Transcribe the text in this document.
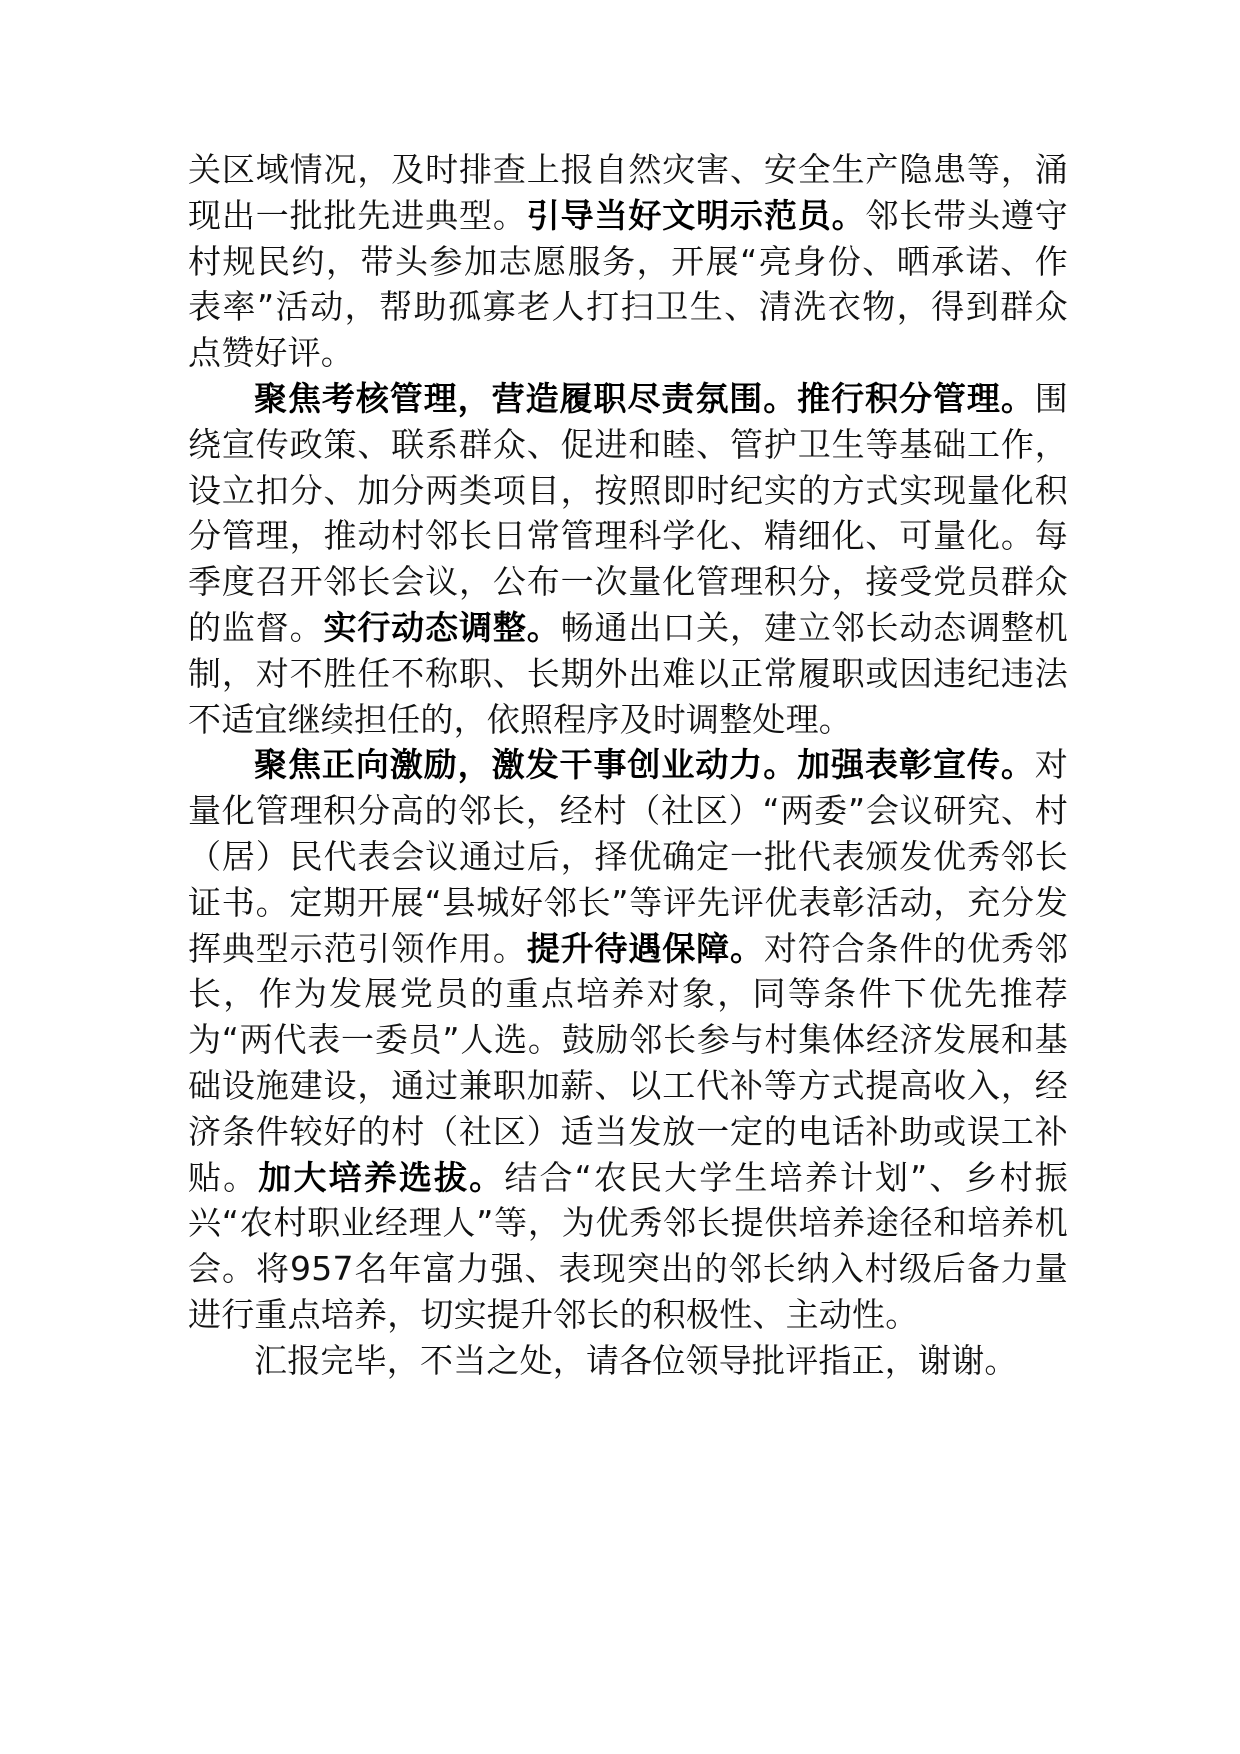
关区域情况，及时排查上报自然灾害、安全生产隐患等，涌现出一批批先进典型。引导当好文明示范员。邻长带头遵守村规民约，带头参加志愿服务，开展“亮身份、晒承诺、作表率”活动，帮助孤寡老人打扫卫生、清洗衣物，得到群众点赞好评。

聚焦考核管理，营造履职尽责氛围。推行积分管理。围绕宣传政策、联系群众、促进和睦、管护卫生等基础工作，设立扣分、加分两类项目，按照即时纪实的方式实现量化积分管理，推动村邻长日常管理科学化、精细化、可量化。每季度召开邻长会议，公布一次量化管理积分，接受党员群众的监督。实行动态调整。畅通出口关，建立邻长动态调整机制，对不胜任不称职、长期外出难以正常履职或因违纪违法不适宜继续担任的，依照程序及时调整处理。

聚焦正向激励，激发干事创业动力。加强表彰宣传。对量化管理积分高的邻长，经村（社区）“两委”会议研究、村（居）民代表会议通过后，择优确定一批代表颁发优秀邻长证书。定期开展“县城好邻长”等评先评优表彰活动，充分发挥典型示范引领作用。提升待遇保障。对符合条件的优秀邻长，作为发展党员的重点培养对象，同等条件下优先推荐为“两代表一委员”人选。鼓励邻长参与村集体经济发展和基础设施建设，通过兼职加薪、以工代补等方式提高收入，经济条件较好的村（社区）适当发放一定的电话补助或误工补贴。加大培养选拔。结合“农民大学生培养计划”、乡村振兴“农村职业经理人”等，为优秀邻长提供培养途径和培养机会。将957名年富力强、表现突出的邻长纳入村级后备力量进行重点培养，切实提升邻长的积极性、主动性。

汇报完毕，不当之处，请各位领导批评指正，谢谢。
